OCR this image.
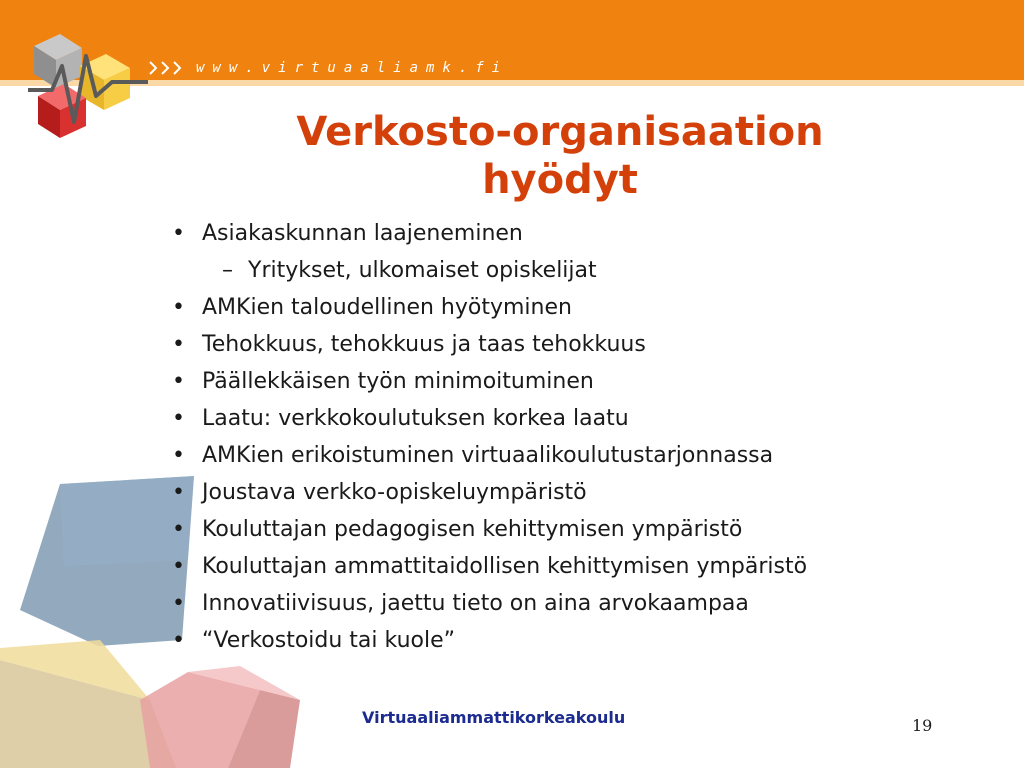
www.virtuaaliamk.fi
Verkosto-organisaation
hyödyt
• Asiakaskunnan laajeneminen
– Yritykset, ulkomaiset opiskelijat
• AMKien taloudellinen hyötyminen
• Tehokkuus, tehokkuus ja taas tehokkuus
• Päällekkäisen työn minimoituminen
• Laatu: verkkokoulutuksen korkea laatu
• AMKien erikoistuminen virtuaalikoulutustarjonnassa
• Joustava verkko-opiskeluympäristö
• Kouluttajan pedagogisen kehittymisen ympäristö
• Kouluttajan ammattitaidollisen kehittymisen ympäristö
• Innovatiivisuus, jaettu tieto on aina arvokaampaa
• “Verkostoidu tai kuole”
Virtuaaliammattikorkeakoulu	19
